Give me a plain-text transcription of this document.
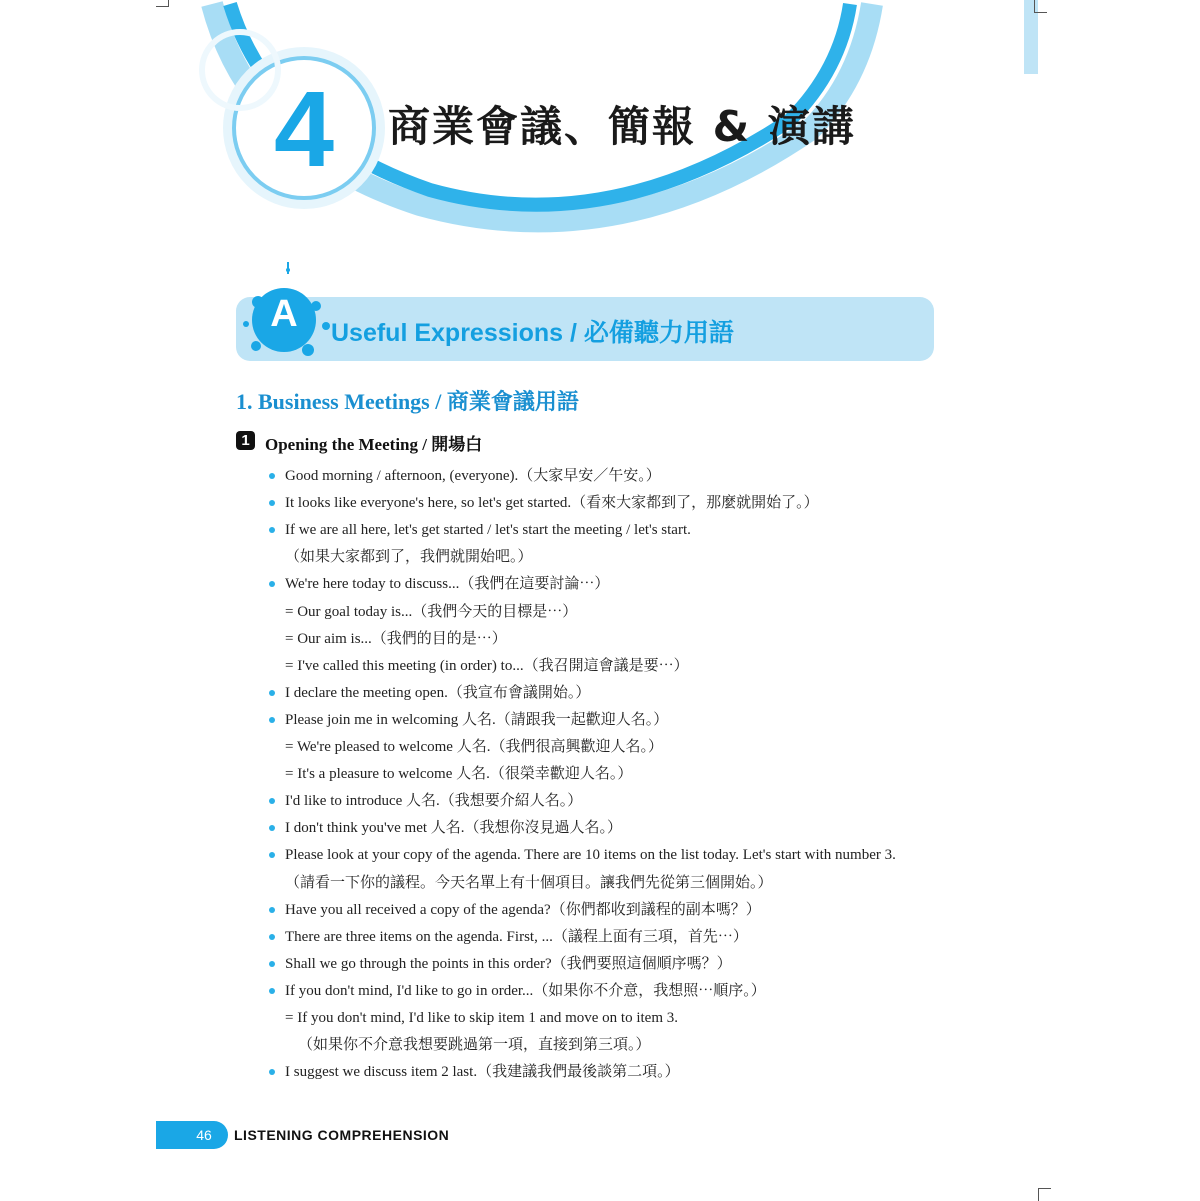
4	商業會議、簡報 & 演講
A	Useful Expressions / 必備聽力用語
1. Business Meetings / 商業會議用語
1 Opening the Meeting / 開場白
Good morning / afternoon, (everyone).（大家早安／午安。）
It looks like everyone's here, so let's get started.（看來大家都到了，那麼就開始了。）
If we are all here, let's get started / let's start the meeting / let's start.
（如果大家都到了，我們就開始吧。）
We're here today to discuss...（我們在這要討論⋯）
= Our goal today is...（我們今天的目標是⋯）
= Our aim is...（我們的目的是⋯）
= I've called this meeting (in order) to...（我召開這會議是要⋯）
I declare the meeting open.（我宣布會議開始。）
Please join me in welcoming 人名.（請跟我一起歡迎人名。）
= We're pleased to welcome 人名.（我們很高興歡迎人名。）
= It's a pleasure to welcome 人名.（很榮幸歡迎人名。）
I'd like to introduce 人名.（我想要介紹人名。）
I don't think you've met 人名.（我想你沒見過人名。）
Please look at your copy of the agenda. There are 10 items on the list today. Let's start with number 3.
（請看一下你的議程。今天名單上有十個項目。讓我們先從第三個開始。）
Have you all received a copy of the agenda?（你們都收到議程的副本嗎？）
There are three items on the agenda. First, ...（議程上面有三項，首先⋯）
Shall we go through the points in this order?（我們要照這個順序嗎？）
If you don't mind, I'd like to go in order...（如果你不介意，我想照⋯順序。）
= If you don't mind, I'd like to skip item 1 and move on to item 3.
（如果你不介意我想要跳過第一項，直接到第三項。）
I suggest we discuss item 2 last.（我建議我們最後談第二項。）
46	LISTENING COMPREHENSION
